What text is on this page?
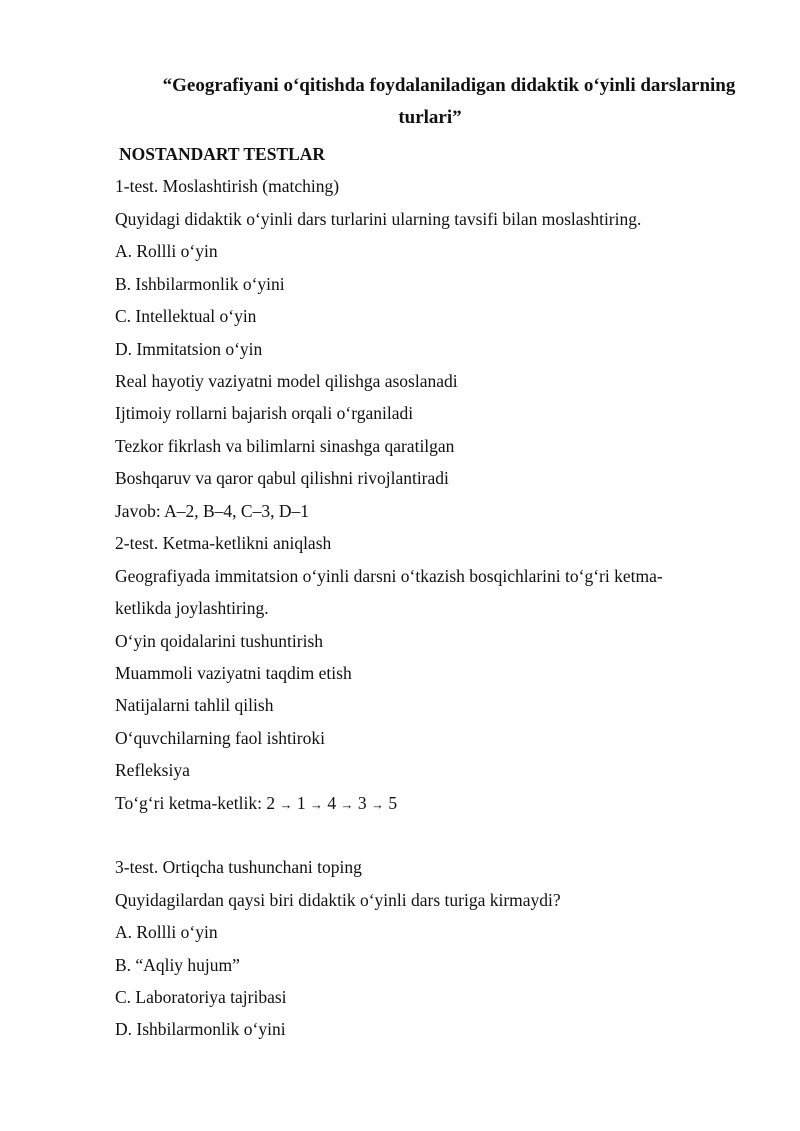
“Geografiyani o‘qitishda foydalaniladigan didaktik o‘yinli darslarning
turlari”
NOSTANDART TESTLAR
1-test. Moslashtirish (matching)
Quyidagi didaktik o‘yinli dars turlarini ularning tavsifi bilan moslashtiring.
A. Rollli o‘yin
B. Ishbilarmonlik o‘yini
C. Intellektual o‘yin
D. Immitatsion o‘yin
Real hayotiy vaziyatni model qilishga asoslanadi
Ijtimoiy rollarni bajarish orqali o‘rganiladi
Tezkor fikrlash va bilimlarni sinashga qaratilgan
Boshqaruv va qaror qabul qilishni rivojlantiradi
Javob: A–2, B–4, C–3, D–1
2-test. Ketma-ketlikni aniqlash
Geografiyada immitatsion o‘yinli darsni o‘tkazish bosqichlarini to‘g‘ri ketma-
ketlikda joylashtiring.
O‘yin qoidalarini tushuntirish
Muammoli vaziyatni taqdim etish
Natijalarni tahlil qilish
O‘quvchilarning faol ishtiroki
Refleksiya
To‘g‘ri ketma-ketlik: 2 → 1 → 4 → 3 → 5
3-test. Ortiqcha tushunchani toping
Quyidagilardan qaysi biri didaktik o‘yinli dars turiga kirmaydi?
A. Rollli o‘yin
B. “Aqliy hujum”
C. Laboratoriya tajribasi
D. Ishbilarmonlik o‘yini
